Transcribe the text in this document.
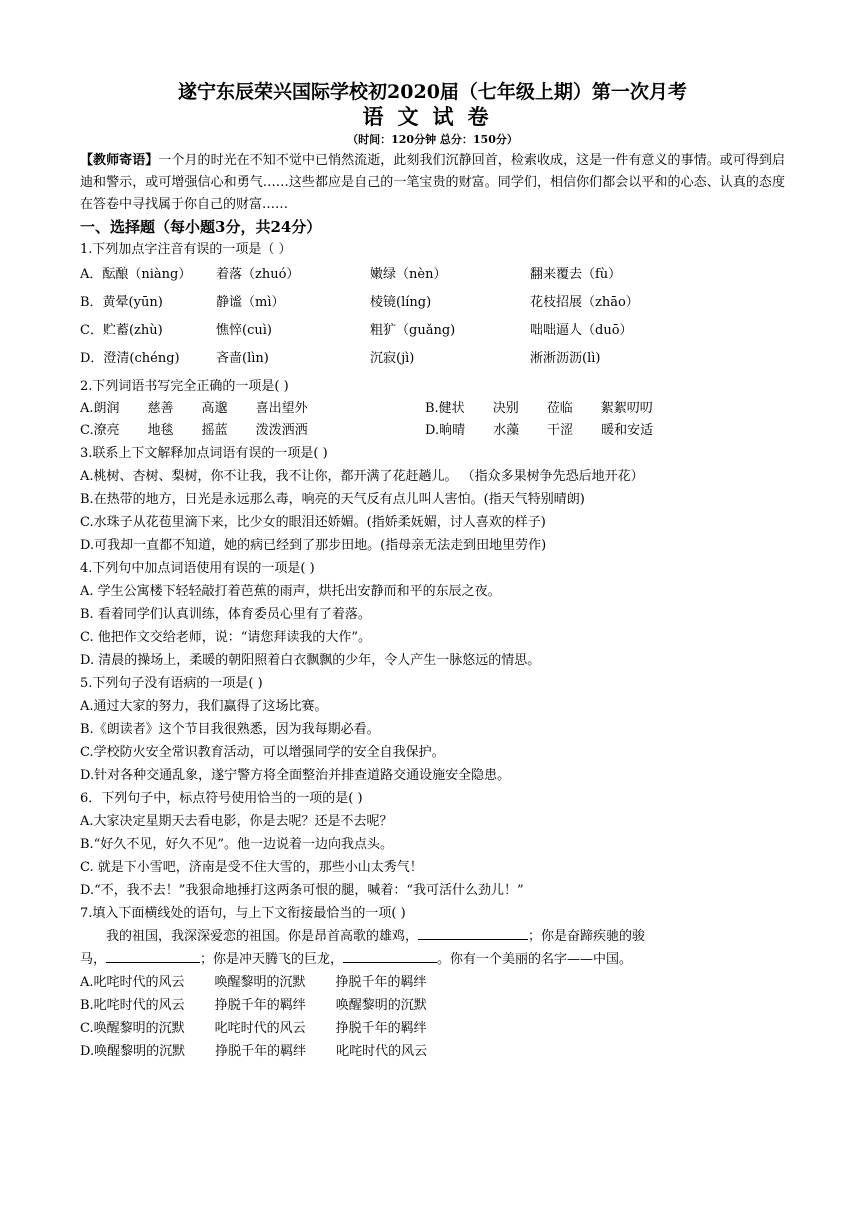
遂宁东辰荣兴国际学校初2020届（七年级上期）第一次月考

语文试卷

（时间：120分钟 总分：150分）

【教师寄语】一个月的时光在不知不觉中已悄然流逝，此刻我们沉静回首，检索收成，这是一件有意义的事情。或可得到启迪和警示，或可增强信心和勇气……这些都应是自己的一笔宝贵的财富。同学们，相信你们都会以平和的心态、认真的态度在答卷中寻找属于你自己的财富……

一、选择题（每小题3分，共24分）

1.下列加点字注音有误的一项是（ ）

A．酝酿（niàng）	着落（zhuó）	嫩绿（nèn）	翻来覆去（fù）
B．黄晕(yūn)	静谧（mì）	棱镜(líng)	花枝招展（zhāo）
C．贮蓄(zhù)	憔悴(cuì)	粗犷（guǎng)	咄咄逼人（duō）
D．澄清(chéng)	吝啬(lìn)	沉寂(jì)	淅淅沥沥(lì)

2.下列词语书写完全正确的一项是( )

A.朗润 慈善 高邈 喜出望外	B.健状 决别 莅临 絮絮叨叨
C.潦亮 地毯 摇蓝 泼泼洒洒	D.晌晴 水藻 干涩 暖和安适

3.联系上下文解释加点词语有误的一项是( )

A.桃树、杏树、梨树，你不让我，我不让你，都开满了花赶趟儿。 （指众多果树争先恐后地开花）

B.在热带的地方，日光是永远那么毒，响亮的天气反有点儿叫人害怕。(指天气特别晴朗)

C.水珠子从花苞里滴下来，比少女的眼泪还娇媚。(指娇柔妩媚，讨人喜欢的样子)

D.可我却一直都不知道，她的病已经到了那步田地。(指母亲无法走到田地里劳作)

4.下列句中加点词语使用有误的一项是( )

A. 学生公寓楼下轻轻敲打着芭蕉的雨声，烘托出安静而和平的东辰之夜。

B. 看着同学们认真训练，体育委员心里有了着落。

C. 他把作文交给老师，说：“请您拜读我的大作”。

D. 清晨的操场上，柔暖的朝阳照着白衣飘飘的少年，令人产生一脉悠远的情思。

5.下列句子没有语病的一项是( )

A.通过大家的努力，我们赢得了这场比赛。

B.《朗读者》这个节目我很熟悉，因为我每期必看。

C.学校防火安全常识教育活动，可以增强同学的安全自我保护。

D.针对各种交通乱象，遂宁警方将全面整治并排查道路交通设施安全隐患。

6．下列句子中，标点符号使用恰当的一项的是( )

A.大家决定星期天去看电影，你是去呢？还是不去呢？

B.“好久不见，好久不见”。他一边说着一边向我点头。

C. 就是下小雪吧，济南是受不住大雪的，那些小山太秀气！

D.“不，我不去！”我狠命地捶打这两条可恨的腿，喊着：“我可活什么劲儿！”

7.填入下面横线处的语句，与上下文衔接最恰当的一项( )

我的祖国，我深深爱恋的祖国。你是昂首高歌的雄鸡，	；你是奋蹄疾驰的骏

马，	；你是冲天腾飞的巨龙，	。你有一个美丽的名字——中国。

A.叱咤时代的风云 唤醒黎明的沉默 挣脱千年的羁绊
B.叱咤时代的风云 挣脱千年的羁绊 唤醒黎明的沉默
C.唤醒黎明的沉默 叱咤时代的风云 挣脱千年的羁绊
D.唤醒黎明的沉默 挣脱千年的羁绊 叱咤时代的风云
